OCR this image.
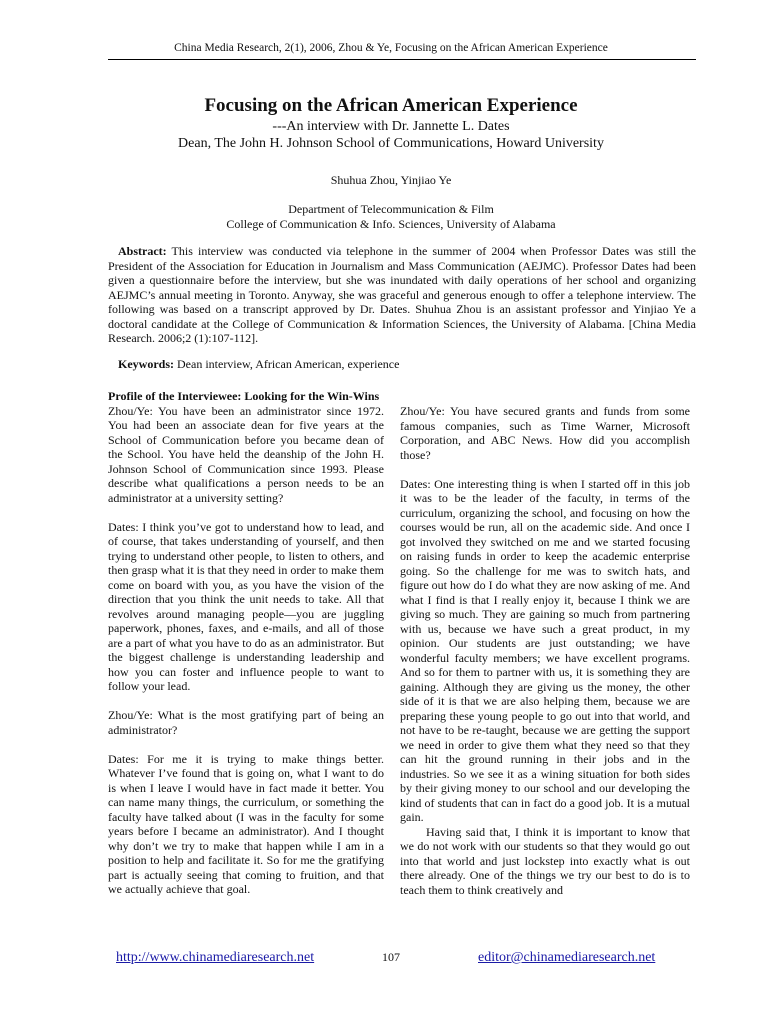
China Media Research, 2(1), 2006, Zhou & Ye, Focusing on the African American Experience
Focusing on the African American Experience
---An interview with Dr. Jannette L. Dates
Dean, The John H. Johnson School of Communications, Howard University
Shuhua Zhou, Yinjiao Ye
Department of Telecommunication & Film
College of Communication & Info. Sciences, University of Alabama

Abstract: This interview was conducted via telephone in the summer of 2004 when Professor Dates was still the President of the Association for Education in Journalism and Mass Communication (AEJMC). Professor Dates had been given a questionnaire before the interview, but she was inundated with daily operations of her school and organizing AEJMC’s annual meeting in Toronto. Anyway, she was graceful and generous enough to offer a telephone interview. The following was based on a transcript approved by Dr. Dates. Shuhua Zhou is an assistant professor and Yinjiao Ye a doctoral candidate at the College of Communication & Information Sciences, the University of Alabama. [China Media Research. 2006;2 (1):107-112].

Keywords: Dean interview, African American, experience

Profile of the Interviewee: Looking for the Win-Wins

Zhou/Ye: You have been an administrator since 1972. You had been an associate dean for five years at the School of Communication before you became dean of the School. You have held the deanship of the John H. Johnson School of Communication since 1993. Please describe what qualifications a person needs to be an administrator at a university setting?

Dates: I think you’ve got to understand how to lead, and of course, that takes understanding of yourself, and then trying to understand other people, to listen to others, and then grasp what it is that they need in order to make them come on board with you, as you have the vision of the direction that you think the unit needs to take. All that revolves around managing people—you are juggling paperwork, phones, faxes, and e-mails, and all of those are a part of what you have to do as an administrator. But the biggest challenge is understanding leadership and how you can foster and influence people to want to follow your lead.

Zhou/Ye: What is the most gratifying part of being an administrator?

Dates: For me it is trying to make things better. Whatever I’ve found that is going on, what I want to do is when I leave I would have in fact made it better. You can name many things, the curriculum, or something the faculty have talked about (I was in the faculty for some years before I became an administrator). And I thought why don’t we try to make that happen while I am in a position to help and facilitate it. So for me the gratifying part is actually seeing that coming to fruition, and that we actually achieve that goal.

Zhou/Ye: You have secured grants and funds from some famous companies, such as Time Warner, Microsoft Corporation, and ABC News. How did you accomplish those?

Dates: One interesting thing is when I started off in this job it was to be the leader of the faculty, in terms of the curriculum, organizing the school, and focusing on how the courses would be run, all on the academic side. And once I got involved they switched on me and we started focusing on raising funds in order to keep the academic enterprise going. So the challenge for me was to switch hats, and figure out how do I do what they are now asking of me. And what I find is that I really enjoy it, because I think we are giving so much. They are gaining so much from partnering with us, because we have such a great product, in my opinion. Our students are just outstanding; we have wonderful faculty members; we have excellent programs. And so for them to partner with us, it is something they are gaining. Although they are giving us the money, the other side of it is that we are also helping them, because we are preparing these young people to go out into that world, and not have to be re-taught, because we are getting the support we need in order to give them what they need so that they can hit the ground running in their jobs and in the industries. So we see it as a wining situation for both sides by their giving money to our school and our developing the kind of students that can in fact do a good job. It is a mutual gain.

Having said that, I think it is important to know that we do not work with our students so that they would go out into that world and just lockstep into exactly what is out there already. One of the things we try our best to do is to teach them to think creatively and

http://www.chinamediaresearch.net	107	editor@chinamediaresearch.net
